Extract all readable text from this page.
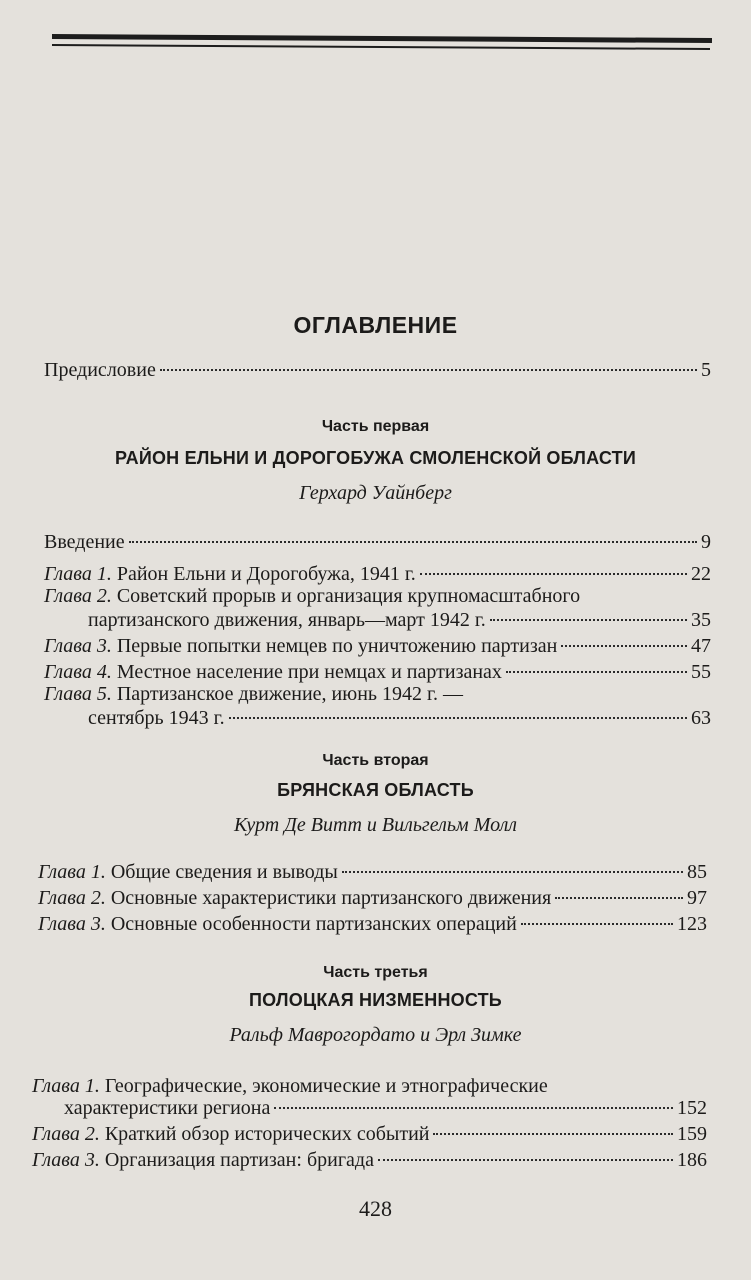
ОГЛАВЛЕНИЕ
Предисловие	5
Часть первая
РАЙОН ЕЛЬНИ И ДОРОГОБУЖА СМОЛЕНСКОЙ ОБЛАСТИ
Герхард Уайнберг
Введение	9
Глава 1. Район Ельни и Дорогобужа, 1941 г.	22
Глава 2. Советский прорыв и организация крупномасштабного
партизанского движения, январь—март 1942 г.	35
Глава 3. Первые попытки немцев по уничтожению партизан	47
Глава 4. Местное население при немцах и партизанах	55
Глава 5. Партизанское движение, июнь 1942 г. —
сентябрь 1943 г.	63
Часть вторая
БРЯНСКАЯ ОБЛАСТЬ
Курт Де Витт и Вильгельм Молл
Глава 1. Общие сведения и выводы	85
Глава 2. Основные характеристики партизанского движения	97
Глава 3. Основные особенности партизанских операций	123
Часть третья
ПОЛОЦКАЯ НИЗМЕННОСТЬ
Ральф Маврогордато и Эрл Зимке
Глава 1. Географические, экономические и этнографические
характеристики региона	152
Глава 2. Краткий обзор исторических событий	159
Глава 3. Организация партизан: бригада	186
428
